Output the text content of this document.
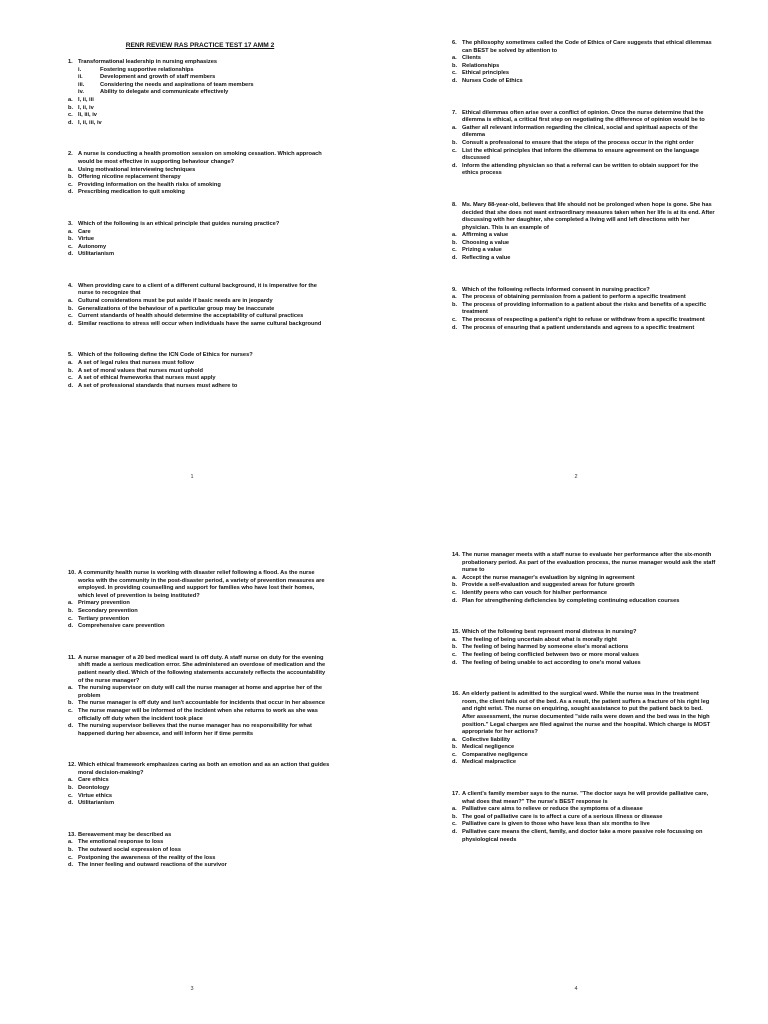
RENR REVIEW RAS PRACTICE TEST 17 AMM 2
1. Transformational leadership in nursing emphasizes
i.	Fostering supportive relationships
ii.	Development and growth of staff members
iii.	Considering the needs and aspirations of team members
iv.	Ability to delegate and communicate effectively
a. I, ii, iii
b. I, ii, iv
c. Ii, iii, iv
d. I, ii, iii, iv
2. A nurse is conducting a health promotion session on smoking cessation. Which approach would be most effective in supporting behaviour change?
a. Using motivational interviewing techniques
b. Offering nicotine replacement therapy
c. Providing information on the health risks of smoking
d. Prescribing medication to quit smoking
3. Which of the following is an ethical principle that guides nursing practice?
a. Care
b. Virtue
c. Autonomy
d. Utilitarianism
4. When providing care to a client of a different cultural background, it is imperative for the nurse to recognize that
a. Cultural considerations must be put aside if basic needs are in jeopardy
b. Generalizations of the behaviour of a particular group may be inaccurate
c. Current standards of health should determine the acceptability of cultural practices
d. Similar reactions to stress will occur when individuals have the same cultural background
5. Which of the following define the ICN Code of Ethics for nurses?
a. A set of legal rules that nurses must follow
b. A set of moral values that nurses must uphold
c. A set of ethical frameworks that nurses must apply
d. A set of professional standards that nurses must adhere to
1
6. The philosophy sometimes called the Code of Ethics of Care suggests that ethical dilemmas can BEST be solved by attention to
a. Clients
b. Relationships
c. Ethical principles
d. Nurses Code of Ethics
7. Ethical dilemmas often arise over a conflict of opinion. Once the nurse determine that the dilemma is ethical, a critical first step on negotiating the difference of opinion would be to
a. Gather all relevant information regarding the clinical, social and spiritual aspects of the dilemma
b. Consult a professional to ensure that the steps of the process occur in the right order
c. List the ethical principles that inform the dilemma to ensure agreement on the language discussed
d. Inform the attending physician so that a referral can be written to obtain support for the ethics process
8. Ms. Mary 88-year-old, believes that life should not be prolonged when hope is gone. She has decided that she does not want extraordinary measures taken when her life is at its end. After discussing with her daughter, she completed a living will and left directions with her physician. This is an example of
a. Affirming a value
b. Choosing a value
c. Prizing a value
d. Reflecting a value
9. Which of the following reflects informed consent in nursing practice?
a. The process of obtaining permission from a patient to perform a specific treatment
b. The process of providing information to a patient about the risks and benefits of a specific treatment
c. The process of respecting a patient's right to refuse or withdraw from a specific treatment
d. The process of ensuring that a patient understands and agrees to a specific treatment
2
10. A community health nurse is working with disaster relief following a flood. As the nurse works with the community in the post-disaster period, a variety of prevention measures are employed. In providing counselling and support for families who have lost their homes, which level of prevention is being instituted?
a. Primary prevention
b. Secondary prevention
c. Tertiary prevention
d. Comprehensive care prevention
11. A nurse manager of a 20 bed medical ward is off duty. A staff nurse on duty for the evening shift made a serious medication error. She administered an overdose of medication and the patient nearly died. Which of the following statements accurately reflects the accountability of the nurse manager?
a. The nursing supervisor on duty will call the nurse manager at home and apprise her of the problem
b. The nurse manager is off duty and isn't accountable for incidents that occur in her absence
c. The nurse manager will be informed of the incident when she returns to work as she was officially off duty when the incident took place
d. The nursing supervisor believes that the nurse manager has no responsibility for what happened during her absence, and will inform her if time permits
12. Which ethical framework emphasizes caring as both an emotion and as an action that guides moral decision-making?
a. Care ethics
b. Deontology
c. Virtue ethics
d. Utilitarianism
13. Bereavement may be described as
a. The emotional response to loss
b. The outward social expression of loss
c. Postponing the awareness of the reality of the loss
d. The inner feeling and outward reactions of the survivor
3
14. The nurse manager meets with a staff nurse to evaluate her performance after the six-month probationary period. As part of the evaluation process, the nurse manager would ask the staff nurse to
a. Accept the nurse manager's evaluation by signing in agreement
b. Provide a self-evaluation and suggested areas for future growth
c. Identify peers who can vouch for his/her performance
d. Plan for strengthening deficiencies by completing continuing education courses
15. Which of the following best represent moral distress in nursing?
a. The feeling of being uncertain about what is morally right
b. The feeling of being harmed by someone else's moral actions
c. The feeling of being conflicted between two or more moral values
d. The feeling of being unable to act according to one's moral values
16. An elderly patient is admitted to the surgical ward. While the nurse was in the treatment room, the client falls out of the bed. As a result, the patient suffers a fracture of his right leg and right wrist. The nurse on enquiring, sought assistance to put the patient back to bed. After assessment, the nurse documented "side rails were down and the bed was in the high position." Legal charges are filed against the nurse and the hospital. Which charge is MOST appropriate for her actions?
a. Collective liability
b. Medical negligence
c. Comparative negligence
d. Medical malpractice
17. A client's family member says to the nurse. "The doctor says he will provide palliative care, what does that mean?" The nurse's BEST response is
a. Palliative care aims to relieve or reduce the symptoms of a disease
b. The goal of palliative care is to affect a cure of a serious illness or disease
c. Palliative care is given to those who have less than six months to live
d. Palliative care means the client, family, and doctor take a more passive role focussing on physiological needs
4
